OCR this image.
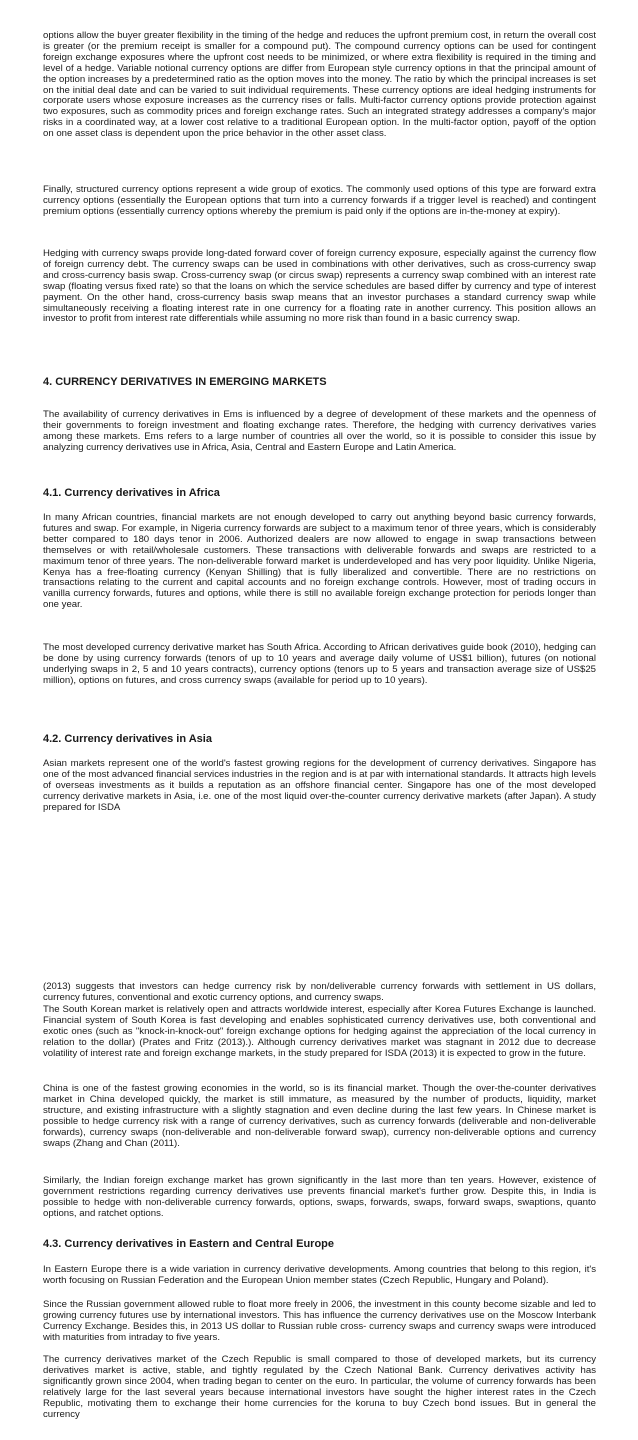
options allow the buyer greater flexibility in the timing of the hedge and reduces the upfront premium cost, in return the overall cost is greater (or the premium receipt is smaller for a compound put). The compound currency options can be used for contingent foreign exchange exposures where the upfront cost needs to be minimized, or where extra flexibility is required in the timing and level of a hedge. Variable notional currency options are differ from European style currency options in that the principal amount of the option increases by a predetermined ratio as the option moves into the money. The ratio by which the principal increases is set on the initial deal date and can be varied to suit individual requirements. These currency options are ideal hedging instruments for corporate users whose exposure increases as the currency rises or falls. Multi-factor currency options provide protection against two exposures, such as commodity prices and foreign exchange rates. Such an integrated strategy addresses a company's major risks in a coordinated way, at a lower cost relative to a traditional European option. In the multi-factor option, payoff of the option on one asset class is dependent upon the price behavior in the other asset class.

Finally, structured currency options represent a wide group of exotics. The commonly used options of this type are forward extra currency options (essentially the European options that turn into a currency forwards if a trigger level is reached) and contingent premium options (essentially currency options whereby the premium is paid only if the options are in-the-money at expiry).

Hedging with currency swaps provide long-dated forward cover of foreign currency exposure, especially against the currency flow of foreign currency debt. The currency swaps can be used in combinations with other derivatives, such as cross-currency swap and cross-currency basis swap. Cross-currency swap (or circus swap) represents a currency swap combined with an interest rate swap (floating versus fixed rate) so that the loans on which the service schedules are based differ by currency and type of interest payment. On the other hand, cross-currency basis swap means that an investor purchases a standard currency swap while simultaneously receiving a floating interest rate in one currency for a floating rate in another currency. This position allows an investor to profit from interest rate differentials while assuming no more risk than found in a basic currency swap.

4. CURRENCY DERIVATIVES IN EMERGING MARKETS

The availability of currency derivatives in Ems is influenced by a degree of development of these markets and the openness of their governments to foreign investment and floating exchange rates. Therefore, the hedging with currency derivatives varies among these markets. Ems refers to a large number of countries all over the world, so it is possible to consider this issue by analyzing currency derivatives use in Africa, Asia, Central and Eastern Europe and Latin America.

4.1. Currency derivatives in Africa

In many African countries, financial markets are not enough developed to carry out anything beyond basic currency forwards, futures and swap. For example, in Nigeria currency forwards are subject to a maximum tenor of three years, which is considerably better compared to 180 days tenor in 2006. Authorized dealers are now allowed to engage in swap transactions between themselves or with retail/wholesale customers. These transactions with deliverable forwards and swaps are restricted to a maximum tenor of three years. The non-deliverable forward market is underdeveloped and has very poor liquidity. Unlike Nigeria, Kenya has a free-floating currency (Kenyan Shilling) that is fully liberalized and convertible. There are no restrictions on transactions relating to the current and capital accounts and no foreign exchange controls. However, most of trading occurs in vanilla currency forwards, futures and options, while there is still no available foreign exchange protection for periods longer than one year.

The most developed currency derivative market has South Africa. According to African derivatives guide book (2010), hedging can be done by using currency forwards (tenors of up to 10 years and average daily volume of US$1 billion), futures (on notional underlying swaps in 2, 5 and 10 years contracts), currency options (tenors up to 5 years and transaction average size of US$25 million), options on futures, and cross currency swaps (available for period up to 10 years).

4.2. Currency derivatives in Asia

Asian markets represent one of the world's fastest growing regions for the development of currency derivatives. Singapore has one of the most advanced financial services industries in the region and is at par with international standards. It attracts high levels of overseas investments as it builds a reputation as an offshore financial center. Singapore has one of the most developed currency derivative markets in Asia, i.e. one of the most liquid over-the-counter currency derivative markets (after Japan). A study prepared for ISDA

(2013) suggests that investors can hedge currency risk by non/deliverable currency forwards with settlement in US dollars, currency futures, conventional and exotic currency options, and currency swaps.

The South Korean market is relatively open and attracts worldwide interest, especially after Korea Futures Exchange is launched. Financial system of South Korea is fast developing and enables sophisticated currency derivatives use, both conventional and exotic ones (such as "knock-in-knock-out" foreign exchange options for hedging against the appreciation of the local currency in relation to the dollar) (Prates and Fritz (2013).). Although currency derivatives market was stagnant in 2012 due to decrease volatility of interest rate and foreign exchange markets, in the study prepared for ISDA (2013) it is expected to grow in the future.

China is one of the fastest growing economies in the world, so is its financial market. Though the over-the-counter derivatives market in China developed quickly, the market is still immature, as measured by the number of products, liquidity, market structure, and existing infrastructure with a slightly stagnation and even decline during the last few years. In Chinese market is possible to hedge currency risk with a range of currency derivatives, such as currency forwards (deliverable and non-deliverable forwards), currency swaps (non-deliverable and non-deliverable forward swap), currency non-deliverable options and currency swaps (Zhang and Chan (2011).

Similarly, the Indian foreign exchange market has grown significantly in the last more than ten years. However, existence of government restrictions regarding currency derivatives use prevents financial market's further grow. Despite this, in India is possible to hedge with non-deliverable currency forwards, options, swaps, forwards, swaps, forward swaps, swaptions, quanto options, and ratchet options.

4.3. Currency derivatives in Eastern and Central Europe

In Eastern Europe there is a wide variation in currency derivative developments. Among countries that belong to this region, it's worth focusing on Russian Federation and the European Union member states (Czech Republic, Hungary and Poland).

Since the Russian government allowed ruble to float more freely in 2006, the investment in this county become sizable and led to growing currency futures use by international investors. This has influence the currency derivatives use on the Moscow Interbank Currency Exchange. Besides this, in 2013 US dollar to Russian ruble cross- currency swaps and currency swaps were introduced with maturities from intraday to five years.

The currency derivatives market of the Czech Republic is small compared to those of developed markets, but its currency derivatives market is active, stable, and tightly regulated by the Czech National Bank. Currency derivatives activity has significantly grown since 2004, when trading began to center on the euro. In particular, the volume of currency forwards has been relatively large for the last several years because international investors have sought the higher interest rates in the Czech Republic, motivating them to exchange their home currencies for the koruna to buy Czech bond issues. But in general the currency
